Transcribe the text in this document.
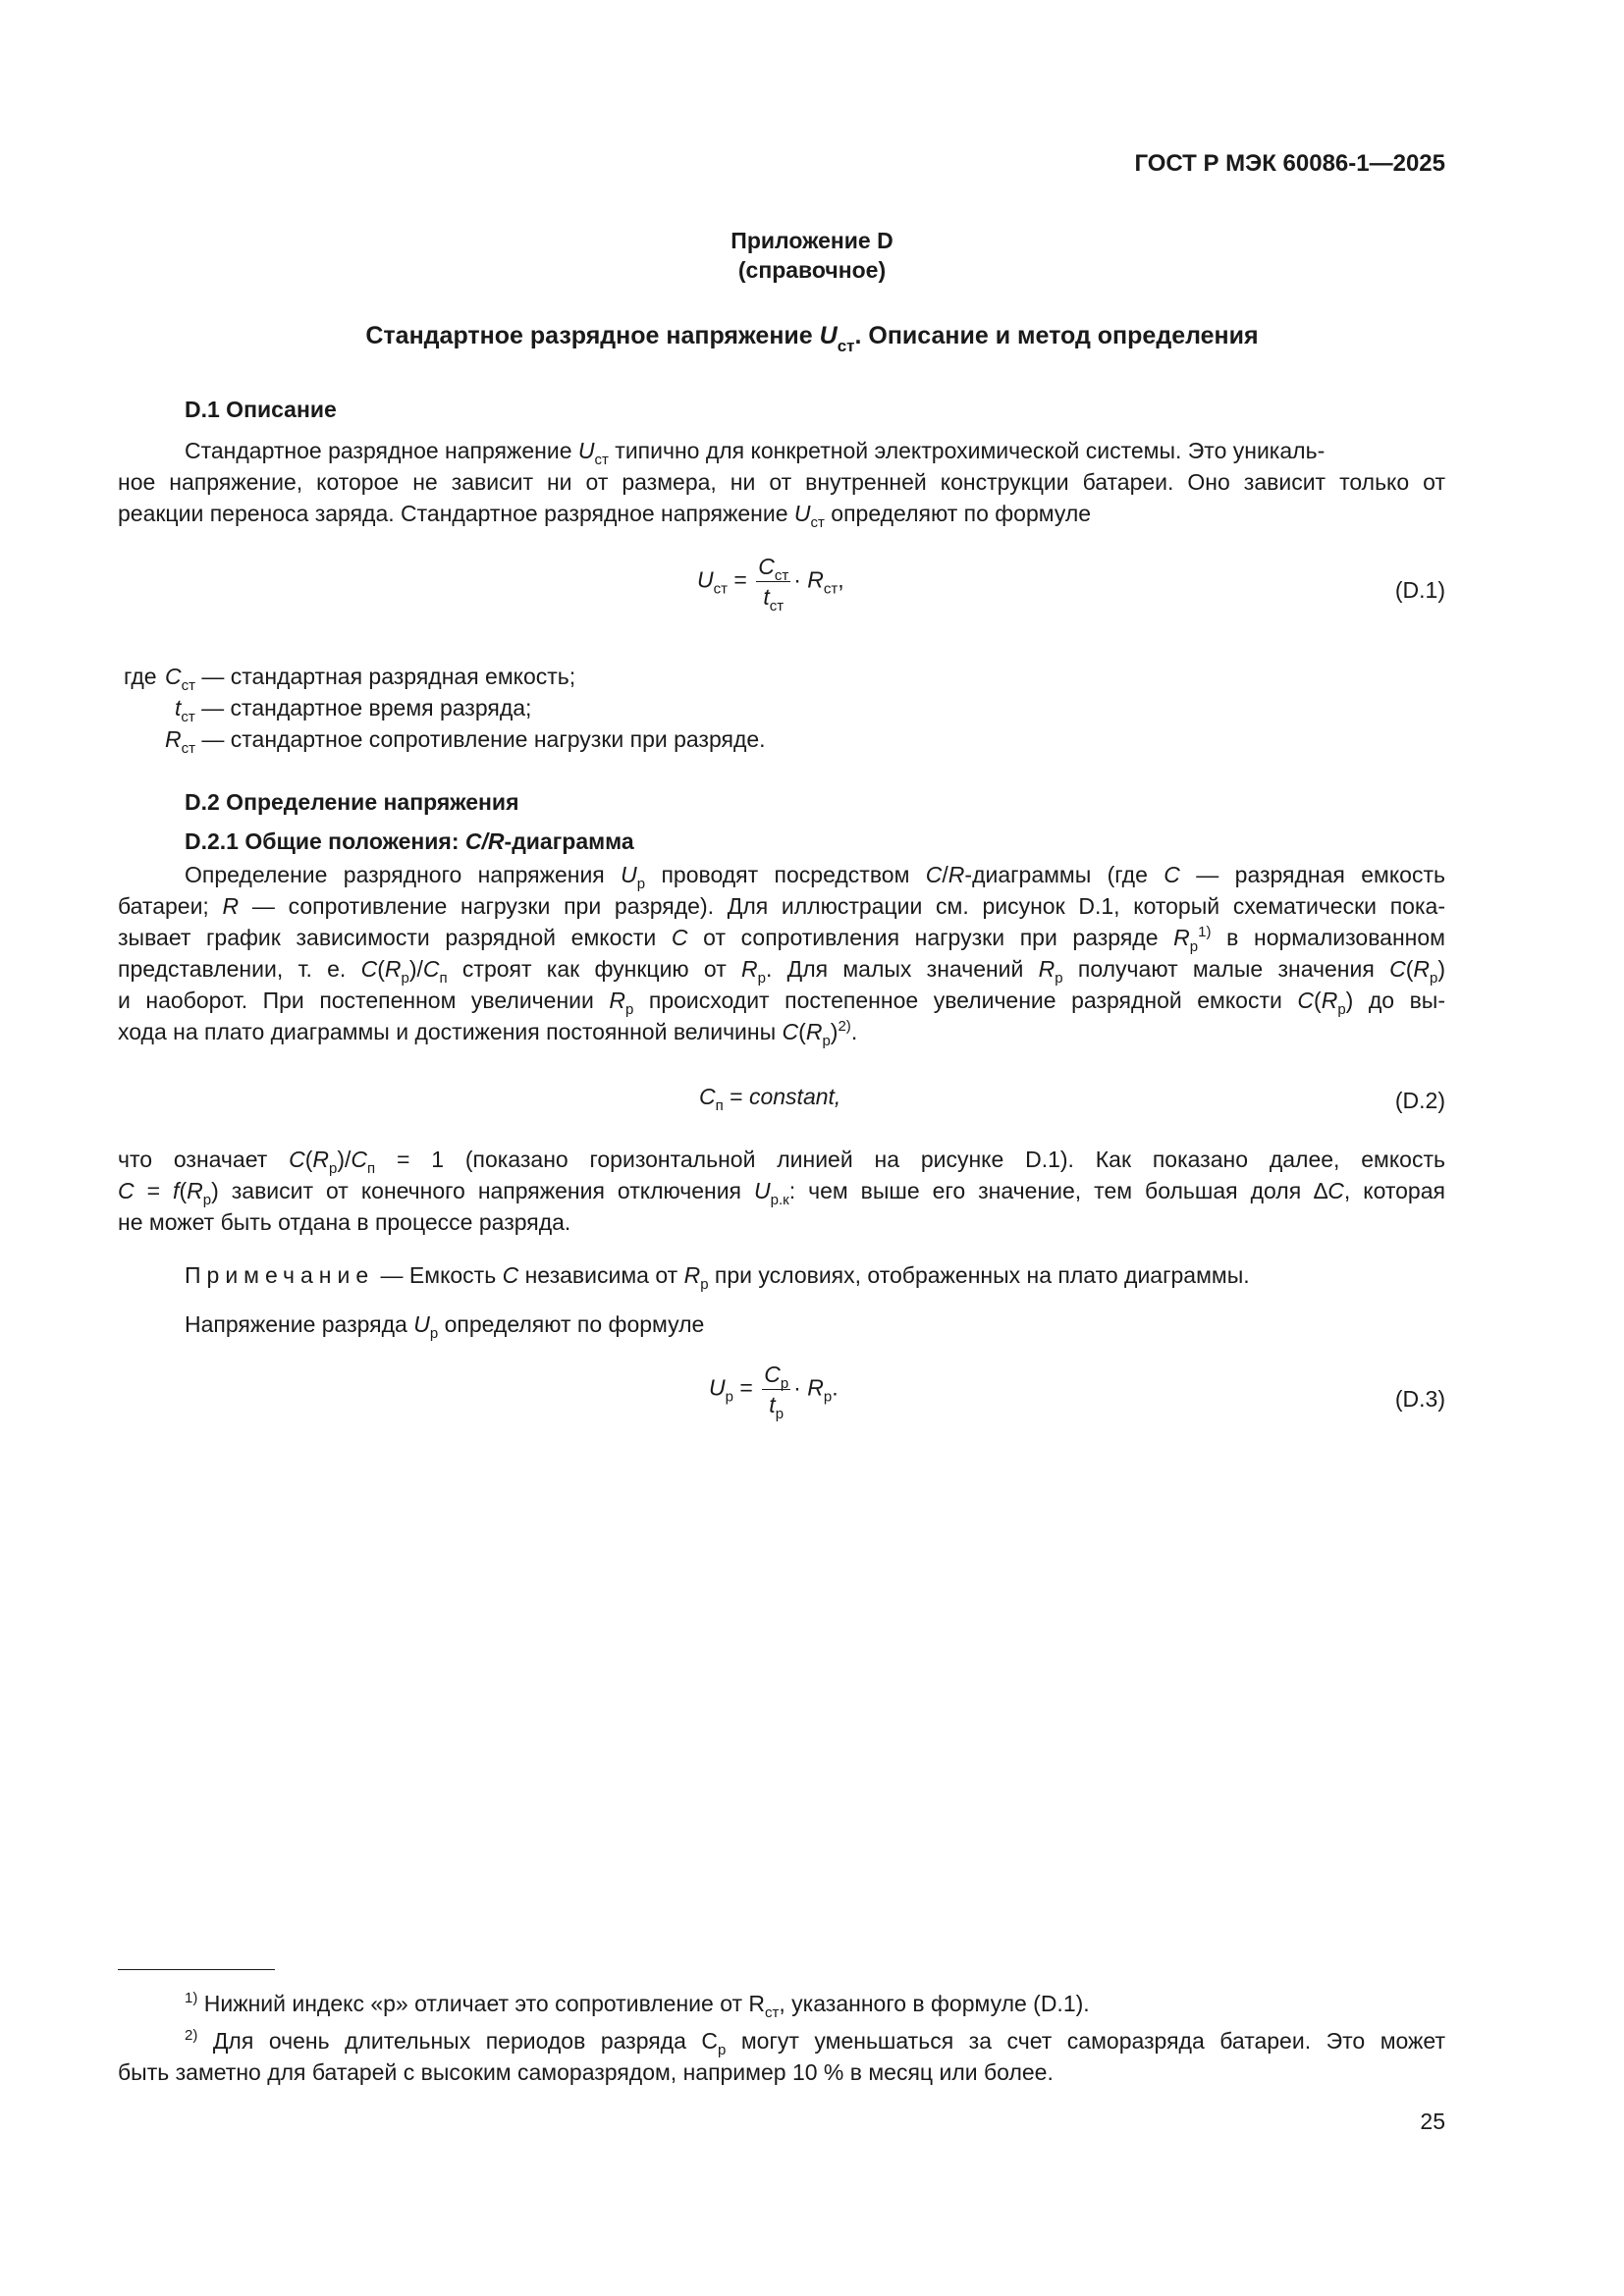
ГОСТ Р МЭК 60086-1—2025
Приложение D
(справочное)
Стандартное разрядное напряжение $U_{ст}$. Описание и метод определения
D.1 Описание
Стандартное разрядное напряжение $U_{ст}$ типично для конкретной электрохимической системы. Это уникаль-
ное напряжение, которое не зависит ни от размера, ни от внутренней конструкции батареи. Оно зависит только от
реакции переноса заряда. Стандартное разрядное напряжение $U_{ст}$ определяют по формуле
$U_{ст} = \frac{C_{ст}}{t_{ст}} \cdot R_{ст}$,	(D.1)
где $C_{ст}$ — стандартная разрядная емкость;
$t_{ст}$ — стандартное время разряда;
$R_{ст}$ — стандартное сопротивление нагрузки при разряде.
D.2 Определение напряжения
D.2.1 Общие положения: C/R-диаграмма
Определение разрядного напряжения $U_р$ проводят посредством C/R-диаграммы (где C — разрядная емкость
батареи; R — сопротивление нагрузки при разряде). Для иллюстрации см. рисунок D.1, который схематически пока-
зывает график зависимости разрядной емкости C от сопротивления нагрузки при разряде $R_р^{1)}$ в нормализованном
представлении, т. е. $C(R_р)/C_п$ строят как функцию от $R_р$. Для малых значений $R_р$ получают малые значения $C(R_р)$
и наоборот. При постепенном увеличении $R_р$ происходит постепенное увеличение разрядной емкости $C(R_р)$ до вы-
хода на плато диаграммы и достижения постоянной величины $C(R_р)^{2)}$.
$C_п$ = constant,	(D.2)
что означает $C(R_р)/C_п = 1$ (показано горизонтальной линией на рисунке D.1). Как показано далее, емкость
$C = f(R_р)$ зависит от конечного напряжения отключения $U_{р.к}$: чем выше его значение, тем большая доля ∆C, которая
не может быть отдана в процессе разряда.
Примечание — Емкость C независима от $R_р$ при условиях, отображенных на плато диаграммы.
Напряжение разряда $U_р$ определяют по формуле
$U_р = \frac{C_р}{t_р} \cdot R_р$.	(D.3)
$^{1)}$ Нижний индекс «р» отличает это сопротивление от $R_{ст}$, указанного в формуле (D.1).
$^{2)}$ Для очень длительных периодов разряда $C_р$ могут уменьшаться за счет саморазряда батареи. Это может
быть заметно для батарей с высоким саморазрядом, например 10 % в месяц или более.
25
